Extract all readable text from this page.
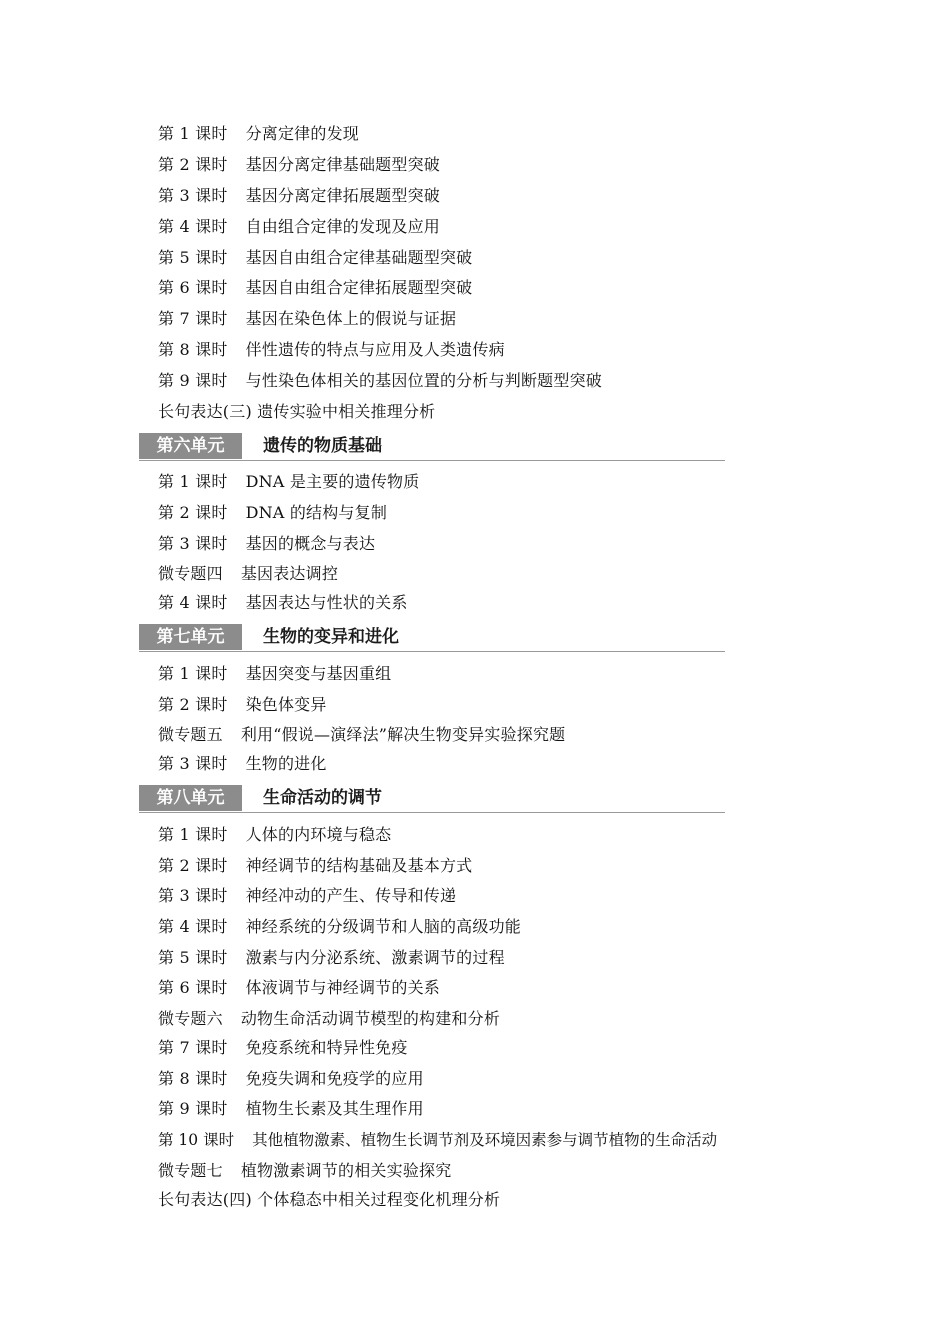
第 1 课时 分离定律的发现
第 2 课时 基因分离定律基础题型突破
第 3 课时 基因分离定律拓展题型突破
第 4 课时 自由组合定律的发现及应用
第 5 课时 基因自由组合定律基础题型突破
第 6 课时 基因自由组合定律拓展题型突破
第 7 课时 基因在染色体上的假说与证据
第 8 课时 伴性遗传的特点与应用及人类遗传病
第 9 课时 与性染色体相关的基因位置的分析与判断题型突破
长句表达(三) 遗传实验中相关推理分析
第六单元	遗传的物质基础
第 1 课时 DNA 是主要的遗传物质
第 2 课时 DNA 的结构与复制
第 3 课时 基因的概念与表达
微专题四 基因表达调控
第 4 课时 基因表达与性状的关系
第七单元	生物的变异和进化
第 1 课时 基因突变与基因重组
第 2 课时 染色体变异
微专题五 利用“假说—演绎法”解决生物变异实验探究题
第 3 课时 生物的进化
第八单元	生命活动的调节
第 1 课时 人体的内环境与稳态
第 2 课时 神经调节的结构基础及基本方式
第 3 课时 神经冲动的产生、传导和传递
第 4 课时 神经系统的分级调节和人脑的高级功能
第 5 课时 激素与内分泌系统、激素调节的过程
第 6 课时 体液调节与神经调节的关系
微专题六 动物生命活动调节模型的构建和分析
第 7 课时 免疫系统和特异性免疫
第 8 课时 免疫失调和免疫学的应用
第 9 课时 植物生长素及其生理作用
第 10 课时 其他植物激素、植物生长调节剂及环境因素参与调节植物的生命活动
微专题七 植物激素调节的相关实验探究
长句表达(四) 个体稳态中相关过程变化机理分析
